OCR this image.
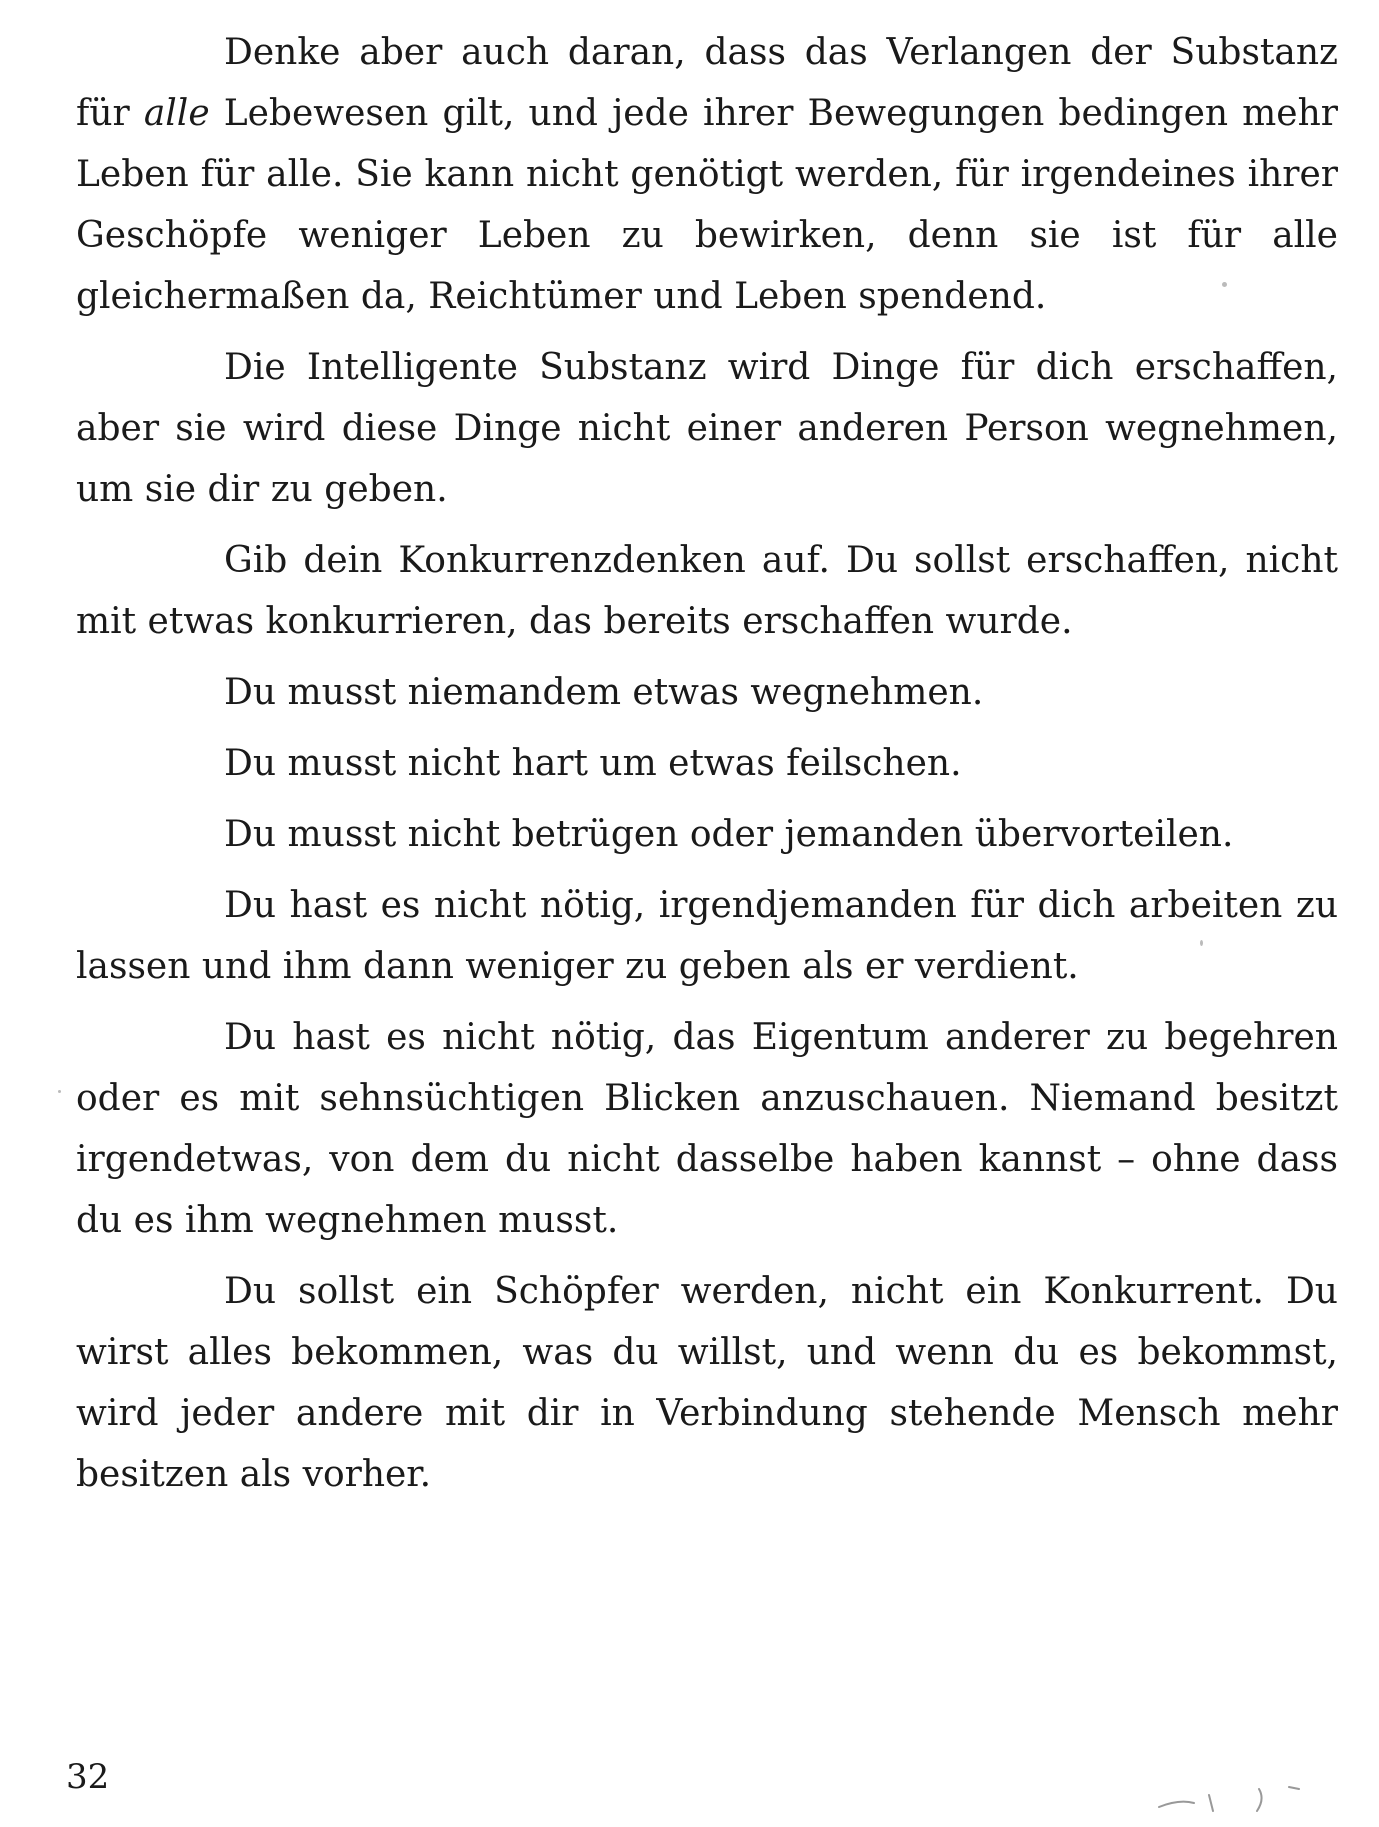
Denke aber auch daran, dass das Verlangen der Substanz für alle Lebewesen gilt, und jede ihrer Bewegungen bedingen mehr Leben für alle. Sie kann nicht genötigt werden, für irgendeines ihrer Geschöpfe weniger Leben zu bewirken, denn sie ist für alle gleichermaßen da, Reichtümer und Leben spendend.

Die Intelligente Substanz wird Dinge für dich erschaffen, aber sie wird diese Dinge nicht einer anderen Person wegnehmen, um sie dir zu geben.

Gib dein Konkurrenzdenken auf. Du sollst erschaffen, nicht mit etwas konkurrieren, das bereits erschaffen wurde.

Du musst niemandem etwas wegnehmen.

Du musst nicht hart um etwas feilschen.

Du musst nicht betrügen oder jemanden übervorteilen.

Du hast es nicht nötig, irgendjemanden für dich arbeiten zu lassen und ihm dann weniger zu geben als er verdient.

Du hast es nicht nötig, das Eigentum anderer zu begehren oder es mit sehnsüchtigen Blicken anzuschauen. Niemand besitzt irgendetwas, von dem du nicht dasselbe haben kannst – ohne dass du es ihm wegnehmen musst.

Du sollst ein Schöpfer werden, nicht ein Konkurrent. Du wirst alles bekommen, was du willst, und wenn du es bekommst, wird jeder andere mit dir in Verbindung stehende Mensch mehr besitzen als vorher.

32
